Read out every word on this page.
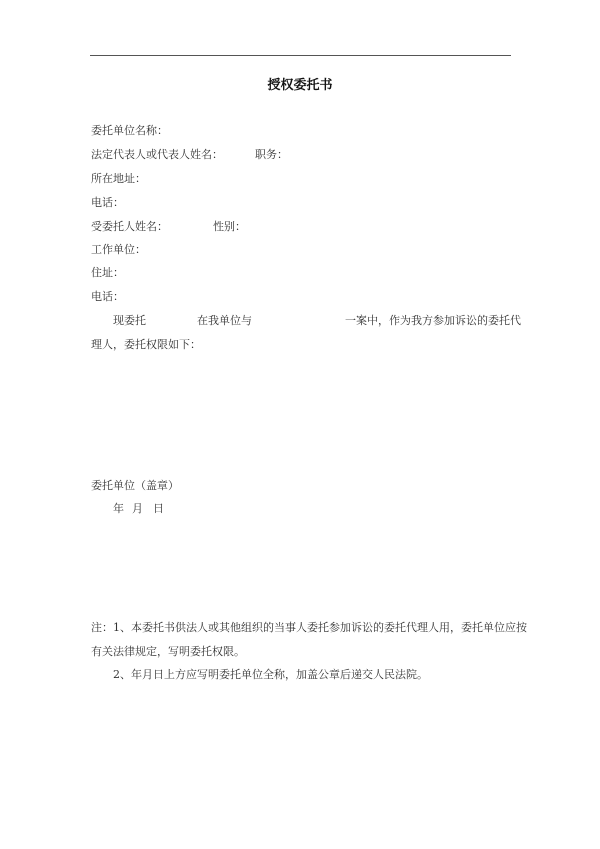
授权委托书
委托单位名称：
法定代表人或代表人姓名：	职务：
所在地址：
电话：
受委托人姓名：	性别：
工作单位：
住址：
电话：
现委托	在我单位与	一案中，作为我方参加诉讼的委托代
理人，委托权限如下：
委托单位（盖章）
年 月 日
注：1、本委托书供法人或其他组织的当事人委托参加诉讼的委托代理人用，委托单位应按
有关法律规定，写明委托权限。
2、年月日上方应写明委托单位全称，加盖公章后递交人民法院。
